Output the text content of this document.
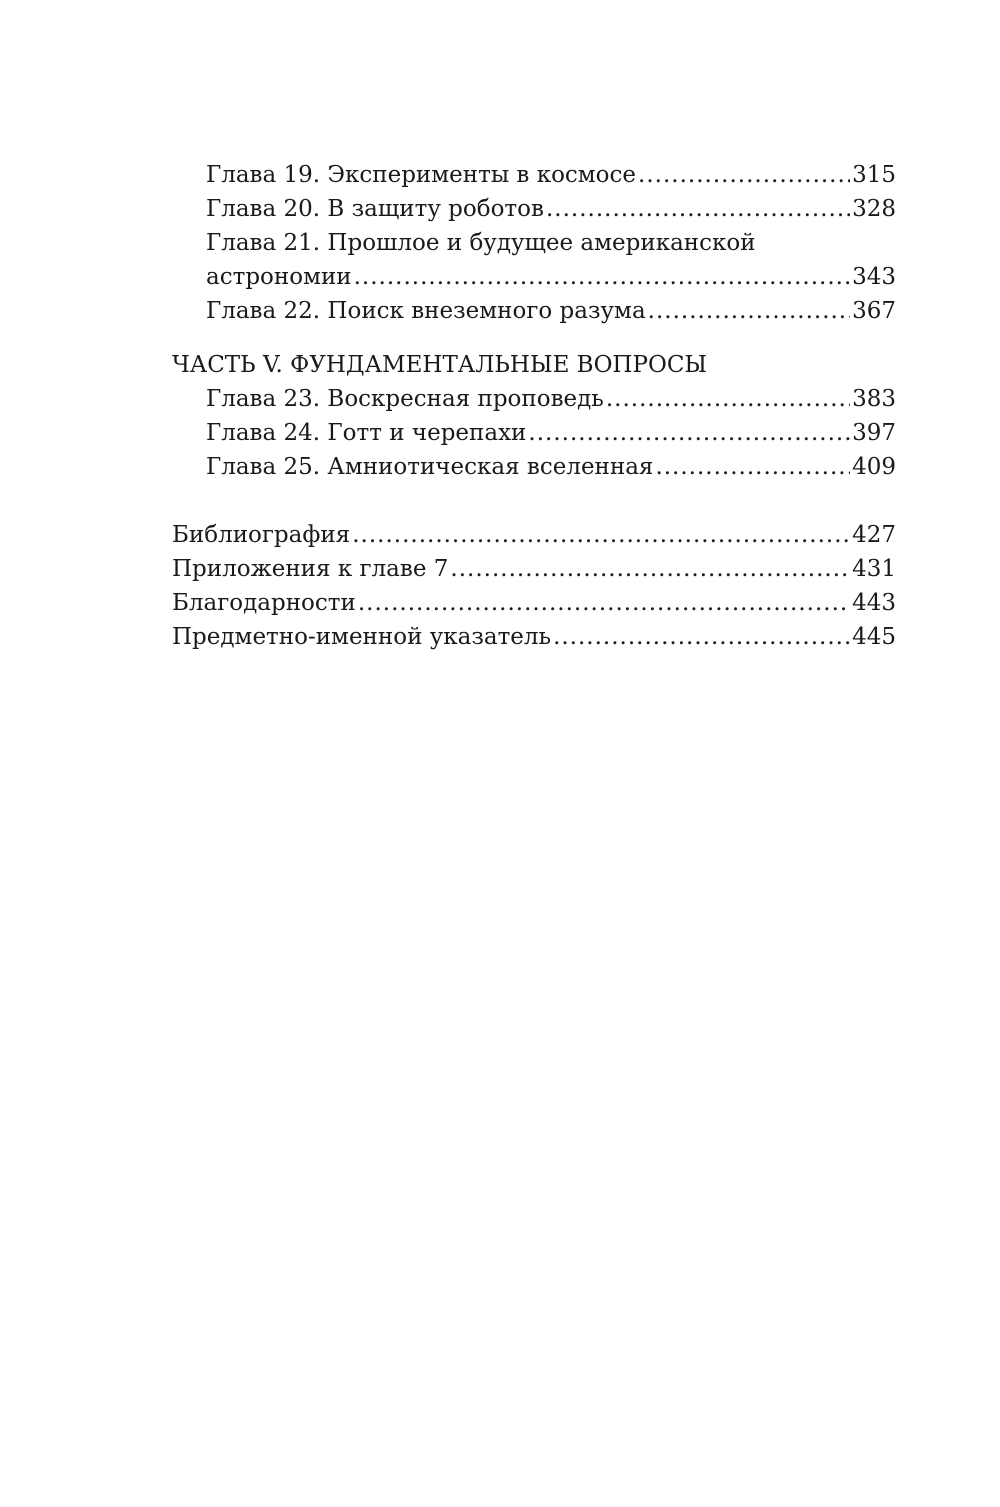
Глава 19. Эксперименты в космосе .....	315
Глава 20. В защиту роботов .....	328
Глава 21. Прошлое и будущее американской
астрономии .....	343
Глава 22. Поиск внеземного разума .....	367
ЧАСТЬ V. ФУНДАМЕНТАЛЬНЫЕ ВОПРОСЫ
Глава 23. Воскресная проповедь .....	383
Глава 24. Готт и черепахи .....	397
Глава 25. Амниотическая вселенная .....	409
Библиография .....	427
Приложения к главе 7 .....	431
Благодарности .....	443
Предметно-именной указатель .....	445
